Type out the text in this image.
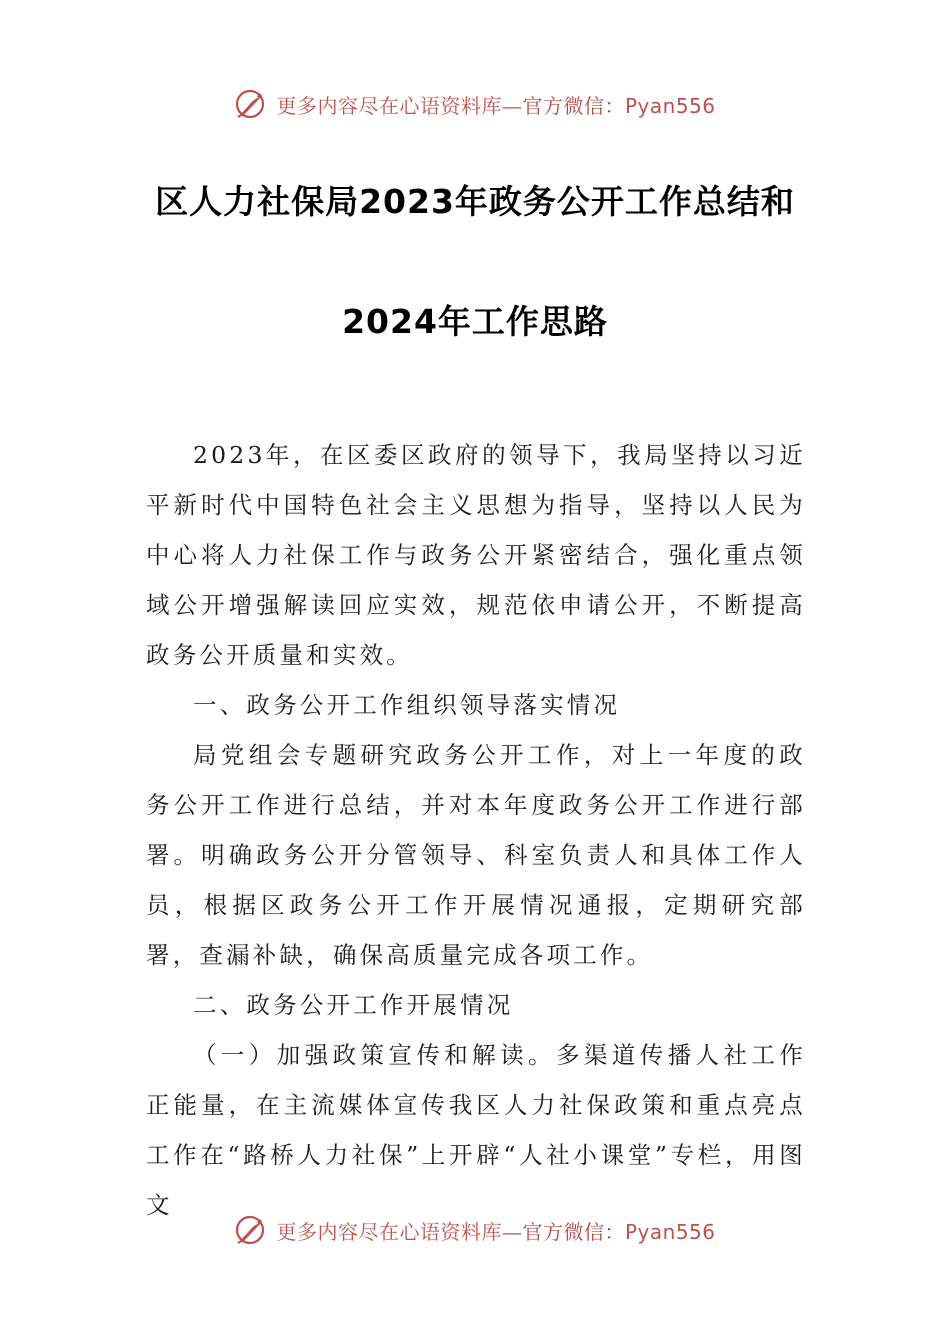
更多内容尽在心语资料库—官方微信：Pyan556
区人力社保局2023年政务公开工作总结和
2024年工作思路

2023年，在区委区政府的领导下，我局坚持以习近平新时代中国特色社会主义思想为指导，坚持以人民为中心将人力社保工作与政务公开紧密结合，强化重点领域公开增强解读回应实效，规范依申请公开，不断提高政务公开质量和实效。

一、政务公开工作组织领导落实情况

局党组会专题研究政务公开工作，对上一年度的政务公开工作进行总结，并对本年度政务公开工作进行部署。明确政务公开分管领导、科室负责人和具体工作人员，根据区政务公开工作开展情况通报，定期研究部署，查漏补缺，确保高质量完成各项工作。

二、政务公开工作开展情况

（一）加强政策宣传和解读。多渠道传播人社工作正能量，在主流媒体宣传我区人力社保政策和重点亮点工作在“路桥人力社保”上开辟“人社小课堂”专栏，用图文

更多内容尽在心语资料库—官方微信：Pyan556
